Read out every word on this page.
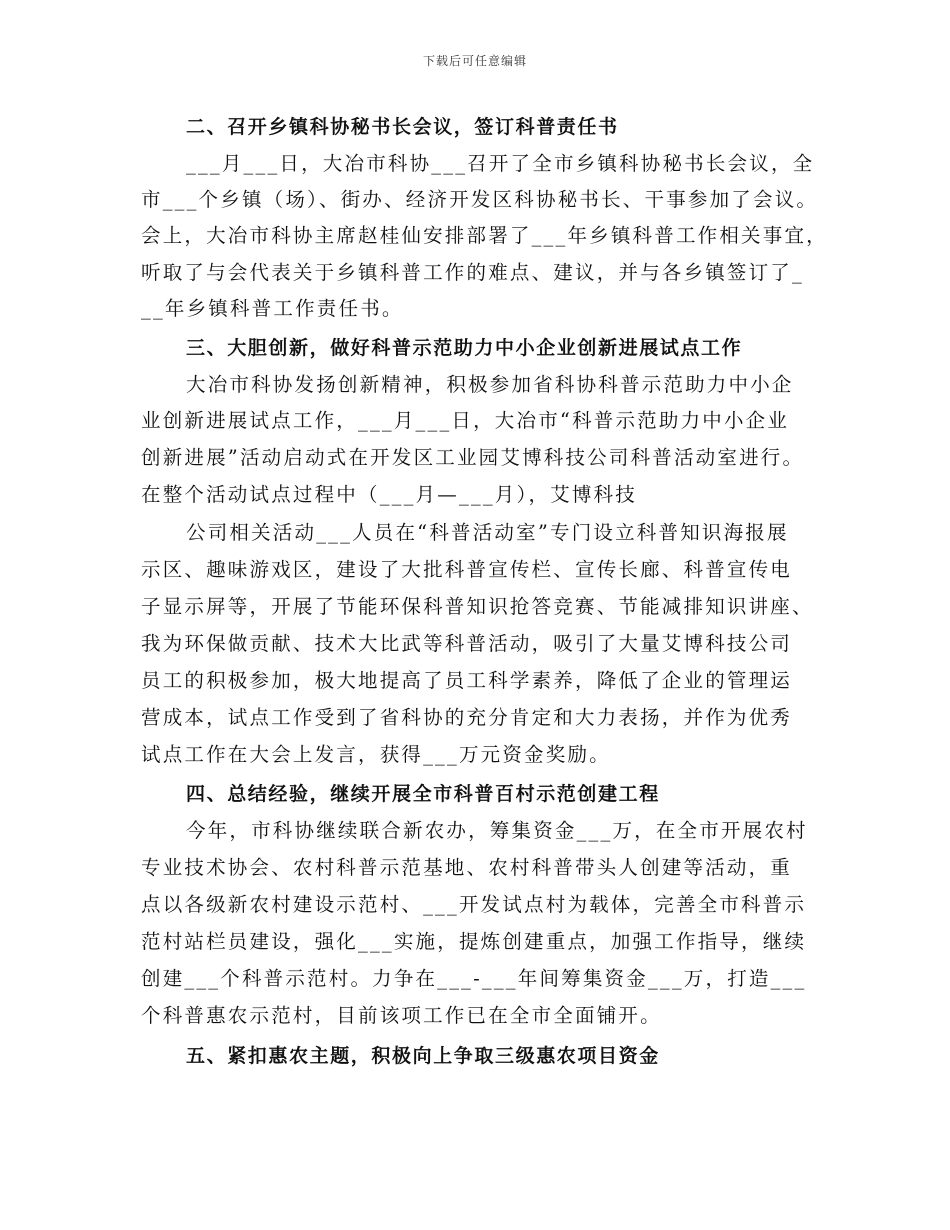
下载后可任意编辑
二、召开乡镇科协秘书长会议，签订科普责任书
___月___日，大冶市科协___召开了全市乡镇科协秘书长会议，全
市___个乡镇（场）、街办、经济开发区科协秘书长、干事参加了会议。
会上，大冶市科协主席赵桂仙安排部署了___年乡镇科普工作相关事宜，
听取了与会代表关于乡镇科普工作的难点、建议，并与各乡镇签订了_
__年乡镇科普工作责任书。
三、大胆创新，做好科普示范助力中小企业创新进展试点工作
大冶市科协发扬创新精神，积极参加省科协科普示范助力中小企
业创新进展试点工作，___月___日，大冶市“科普示范助力中小企业
创新进展”活动启动式在开发区工业园艾博科技公司科普活动室进行。
在整个活动试点过程中（___月—___月），艾博科技
公司相关活动___人员在“科普活动室”专门设立科普知识海报展
示区、趣味游戏区，建设了大批科普宣传栏、宣传长廊、科普宣传电
子显示屏等，开展了节能环保科普知识抢答竞赛、节能减排知识讲座、
我为环保做贡献、技术大比武等科普活动，吸引了大量艾博科技公司
员工的积极参加，极大地提高了员工科学素养，降低了企业的管理运
营成本，试点工作受到了省科协的充分肯定和大力表扬，并作为优秀
试点工作在大会上发言，获得___万元资金奖励。
四、总结经验，继续开展全市科普百村示范创建工程
今年，市科协继续联合新农办，筹集资金___万，在全市开展农村
专业技术协会、农村科普示范基地、农村科普带头人创建等活动，重
点以各级新农村建设示范村、___开发试点村为载体，完善全市科普示
范村站栏员建设，强化___实施，提炼创建重点，加强工作指导，继续
创建___个科普示范村。力争在___-___年间筹集资金___万，打造___
个科普惠农示范村，目前该项工作已在全市全面铺开。
五、紧扣惠农主题，积极向上争取三级惠农项目资金
